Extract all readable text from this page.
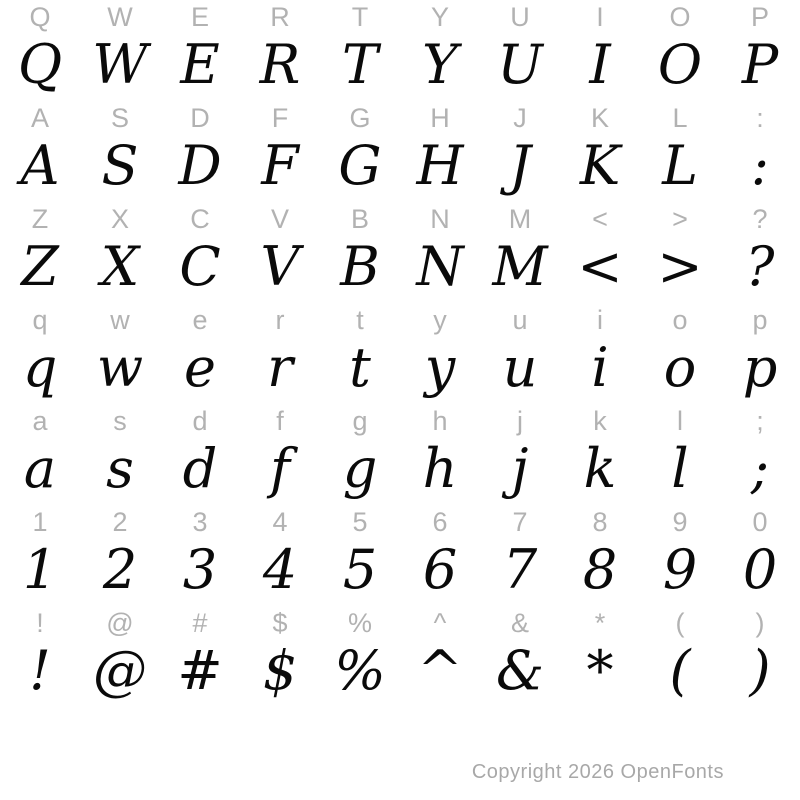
Q	W	E	R	T	Y	U	I	O	P
Q W E R T Y U I O P
A	S	D	F	G	H	J	K	L	:
A S D F G H J K L :
Z	X	C	V	B	N	M	<	>	?
Z X C V B N M < > ?
q	w	e	r	t	y	u	i	o	p
q w e r	t y u i	o p
a	s	d	f	g	h	j	k	l	;
a s d f g h	j	k	l	;
1	2	3	4	5	6	7	8	9	0
1 2 3 4 5 6 7 8 9 0
!	@	#	$	%	^	&	*	(	)
! @ # $ % ^ & *	(	)
Copyright 2026 OpenFonts
